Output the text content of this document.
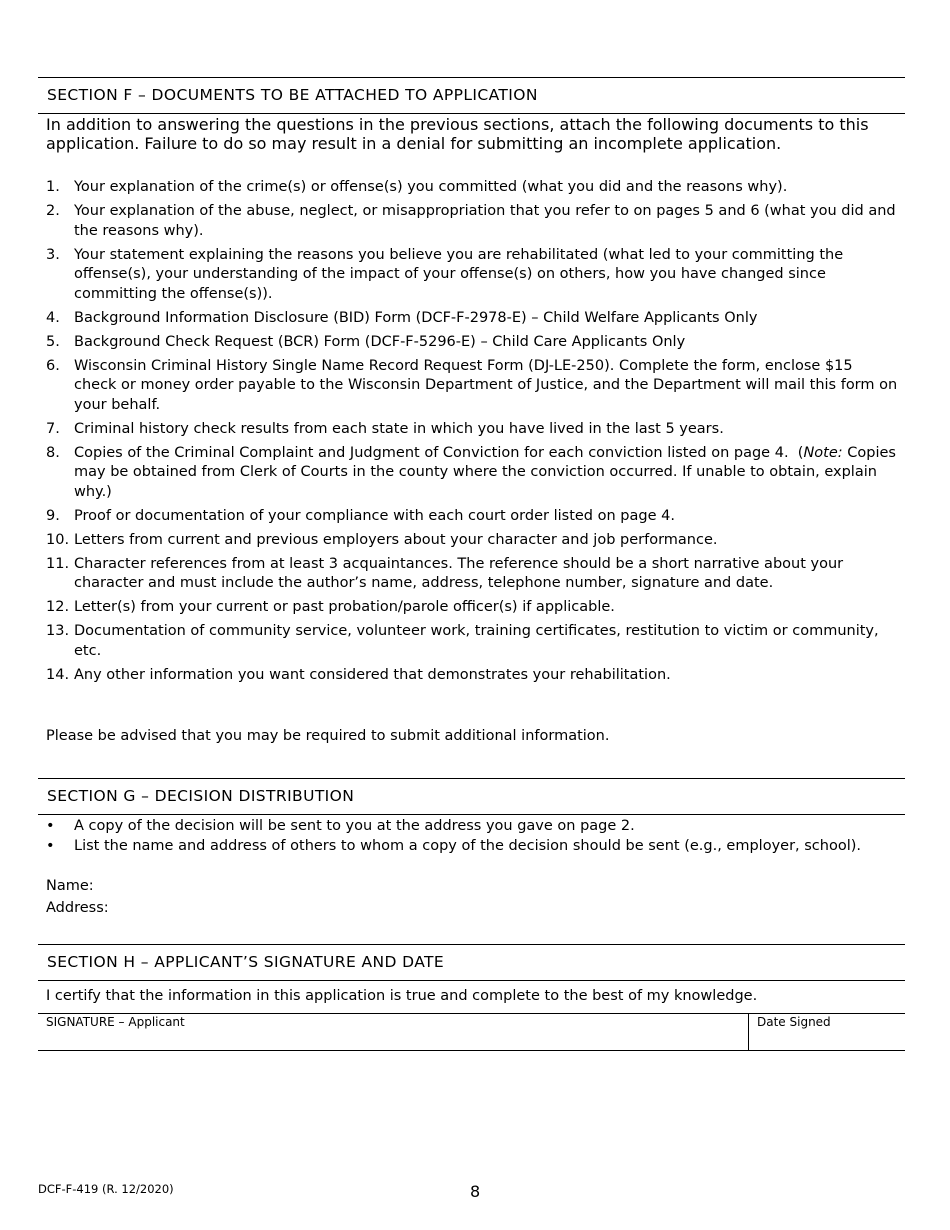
SECTION F – DOCUMENTS TO BE ATTACHED TO APPLICATION
In addition to answering the questions in the previous sections, attach the following documents to this application. Failure to do so may result in a denial for submitting an incomplete application.
1. Your explanation of the crime(s) or offense(s) you committed (what you did and the reasons why).
2. Your explanation of the abuse, neglect, or misappropriation that you refer to on pages 5 and 6 (what you did and the reasons why).
3. Your statement explaining the reasons you believe you are rehabilitated (what led to your committing the offense(s), your understanding of the impact of your offense(s) on others, how you have changed since committing the offense(s)).
4. Background Information Disclosure (BID) Form (DCF-F-2978-E) – Child Welfare Applicants Only
5. Background Check Request (BCR) Form (DCF-F-5296-E) – Child Care Applicants Only
6. Wisconsin Criminal History Single Name Record Request Form (DJ-LE-250). Complete the form, enclose $15 check or money order payable to the Wisconsin Department of Justice, and the Department will mail this form on your behalf.
7. Criminal history check results from each state in which you have lived in the last 5 years.
8. Copies of the Criminal Complaint and Judgment of Conviction for each conviction listed on page 4.  (Note: Copies may be obtained from Clerk of Courts in the county where the conviction occurred. If unable to obtain, explain why.)
9. Proof or documentation of your compliance with each court order listed on page 4.
10. Letters from current and previous employers about your character and job performance.
11. Character references from at least 3 acquaintances. The reference should be a short narrative about your character and must include the author’s name, address, telephone number, signature and date.
12. Letter(s) from your current or past probation/parole officer(s) if applicable.
13. Documentation of community service, volunteer work, training certificates, restitution to victim or community, etc.
14. Any other information you want considered that demonstrates your rehabilitation.
Please be advised that you may be required to submit additional information.
SECTION G – DECISION DISTRIBUTION
• A copy of the decision will be sent to you at the address you gave on page 2.
• List the name and address of others to whom a copy of the decision should be sent (e.g., employer, school).
Name:
Address:
SECTION H – APPLICANT’S SIGNATURE AND DATE
I certify that the information in this application is true and complete to the best of my knowledge.
SIGNATURE – Applicant	Date Signed
DCF-F-419 (R. 12/2020)	8
